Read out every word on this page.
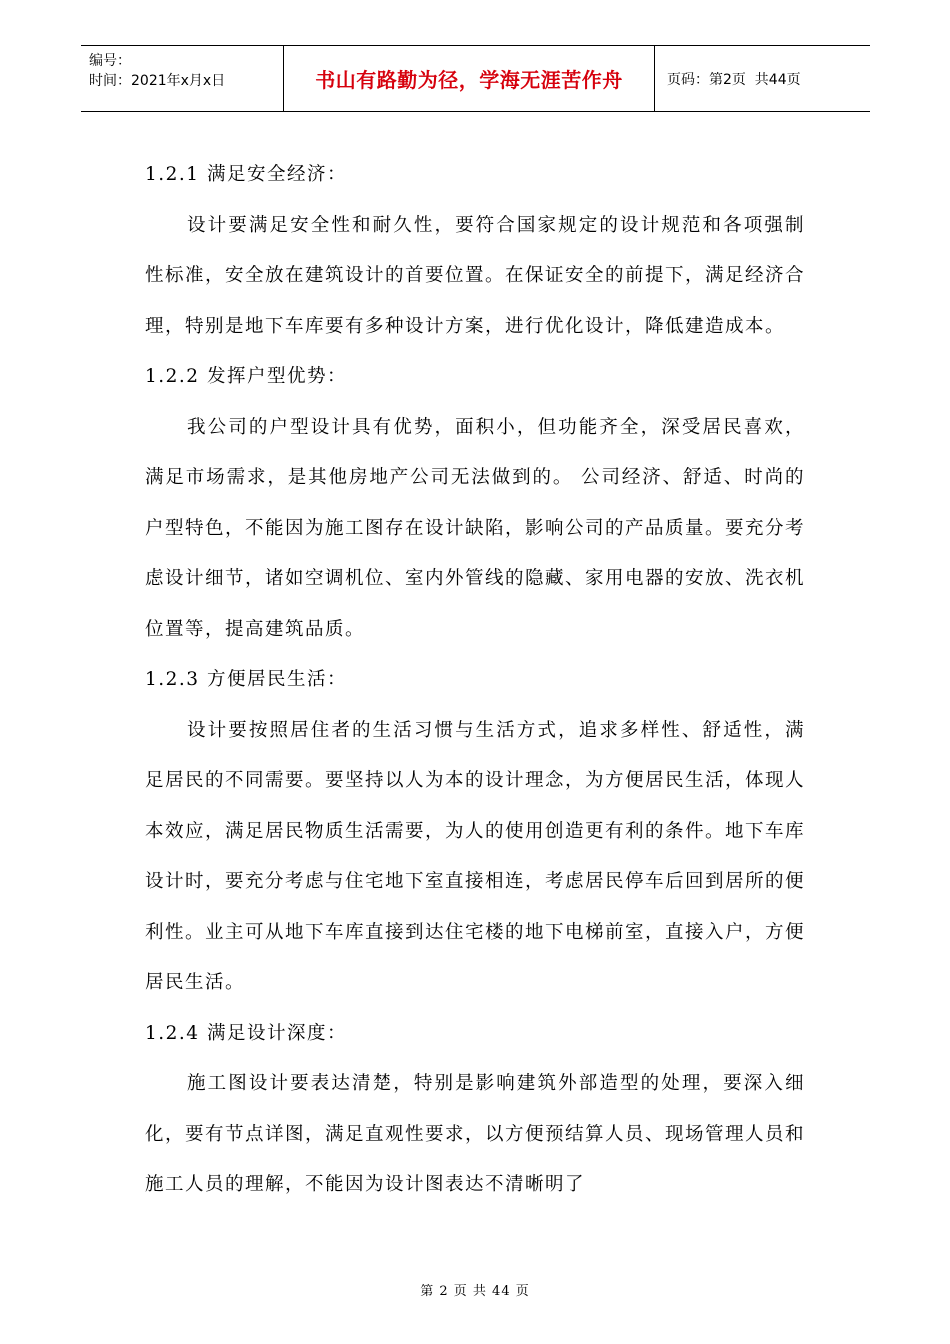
编号：
时间：2021年x月x日	书山有路勤为径，学海无涯苦作舟	页码：第2页  共44页

1.2.1 满足安全经济：

设计要满足安全性和耐久性，要符合国家规定的设计规范和各项强制性标准，安全放在建筑设计的首要位置。在保证安全的前提下，满足经济合理，特别是地下车库要有多种设计方案，进行优化设计，降低建造成本。

1.2.2 发挥户型优势：

我公司的户型设计具有优势，面积小，但功能齐全，深受居民喜欢，满足市场需求，是其他房地产公司无法做到的。 公司经济、舒适、时尚的户型特色，不能因为施工图存在设计缺陷，影响公司的产品质量。要充分考虑设计细节，诸如空调机位、室内外管线的隐藏、家用电器的安放、洗衣机位置等，提高建筑品质。

1.2.3 方便居民生活：

设计要按照居住者的生活习惯与生活方式，追求多样性、舒适性，满足居民的不同需要。要坚持以人为本的设计理念，为方便居民生活，体现人本效应，满足居民物质生活需要，为人的使用创造更有利的条件。地下车库设计时，要充分考虑与住宅地下室直接相连，考虑居民停车后回到居所的便利性。业主可从地下车库直接到达住宅楼的地下电梯前室，直接入户，方便居民生活。

1.2.4 满足设计深度：

施工图设计要表达清楚，特别是影响建筑外部造型的处理，要深入细化，要有节点详图，满足直观性要求，以方便预结算人员、现场管理人员和施工人员的理解，不能因为设计图表达不清晰明了

第 2 页 共 44 页
